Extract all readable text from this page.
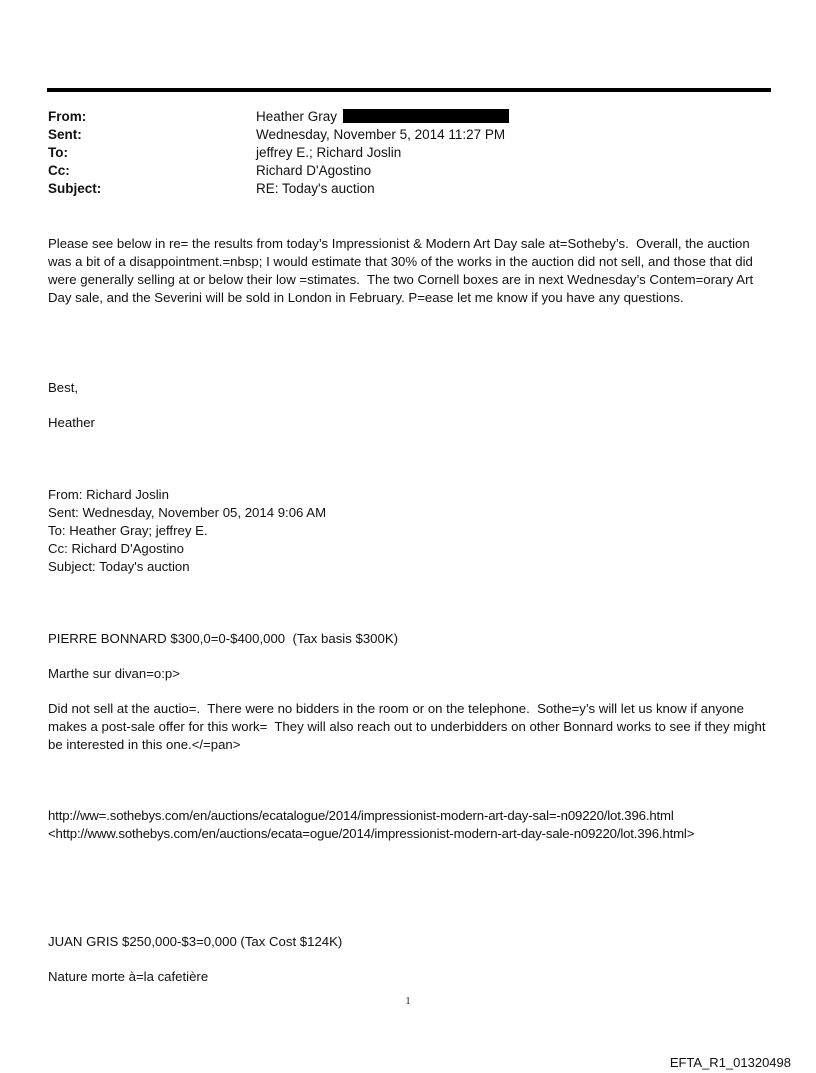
From:	Heather Gray
Sent:	Wednesday, November 5, 2014 11:27 PM
To:	jeffrey E.; Richard Joslin
Cc:	Richard D'Agostino
Subject:	RE: Today's auction

Please see below in re= the results from today’s Impressionist & Modern Art Day sale at=Sotheby’s.  Overall, the auction was a bit of a disappointment.=nbsp; I would estimate that 30% of the works in the auction did not sell, and those that did were generally selling at or below their low =stimates.  The two Cornell boxes are in next Wednesday’s Contem=orary Art Day sale, and the Severini will be sold in London in February. P=ease let me know if you have any questions.

Best,

Heather

From: Richard Joslin

Sent: Wednesday, November 05, 2014 9:06 AM

To: Heather Gray; jeffrey E.

Cc: Richard D'Agostino

Subject: Today's auction

PIERRE BONNARD $300,0=0-$400,000  (Tax basis $300K)

Marthe sur divan=o:p>

Did not sell at the auctio=.  There were no bidders in the room or on the telephone.  Sothe=y’s will let us know if anyone makes a post-sale offer for this work=  They will also reach out to underbidders on other Bonnard works to see if they might be interested in this one.</=pan>

http://ww=.sothebys.com/en/auctions/ecatalogue/2014/impressionist-modern-art-day-sal=-n09220/lot.396.html

<http://www.sothebys.com/en/auctions/ecata=ogue/2014/impressionist-modern-art-day-sale-n09220/lot.396.html>

JUAN GRIS $250,000-$3=0,000 (Tax Cost $124K)

Nature morte à=la cafetière

1
EFTA_R1_01320498
